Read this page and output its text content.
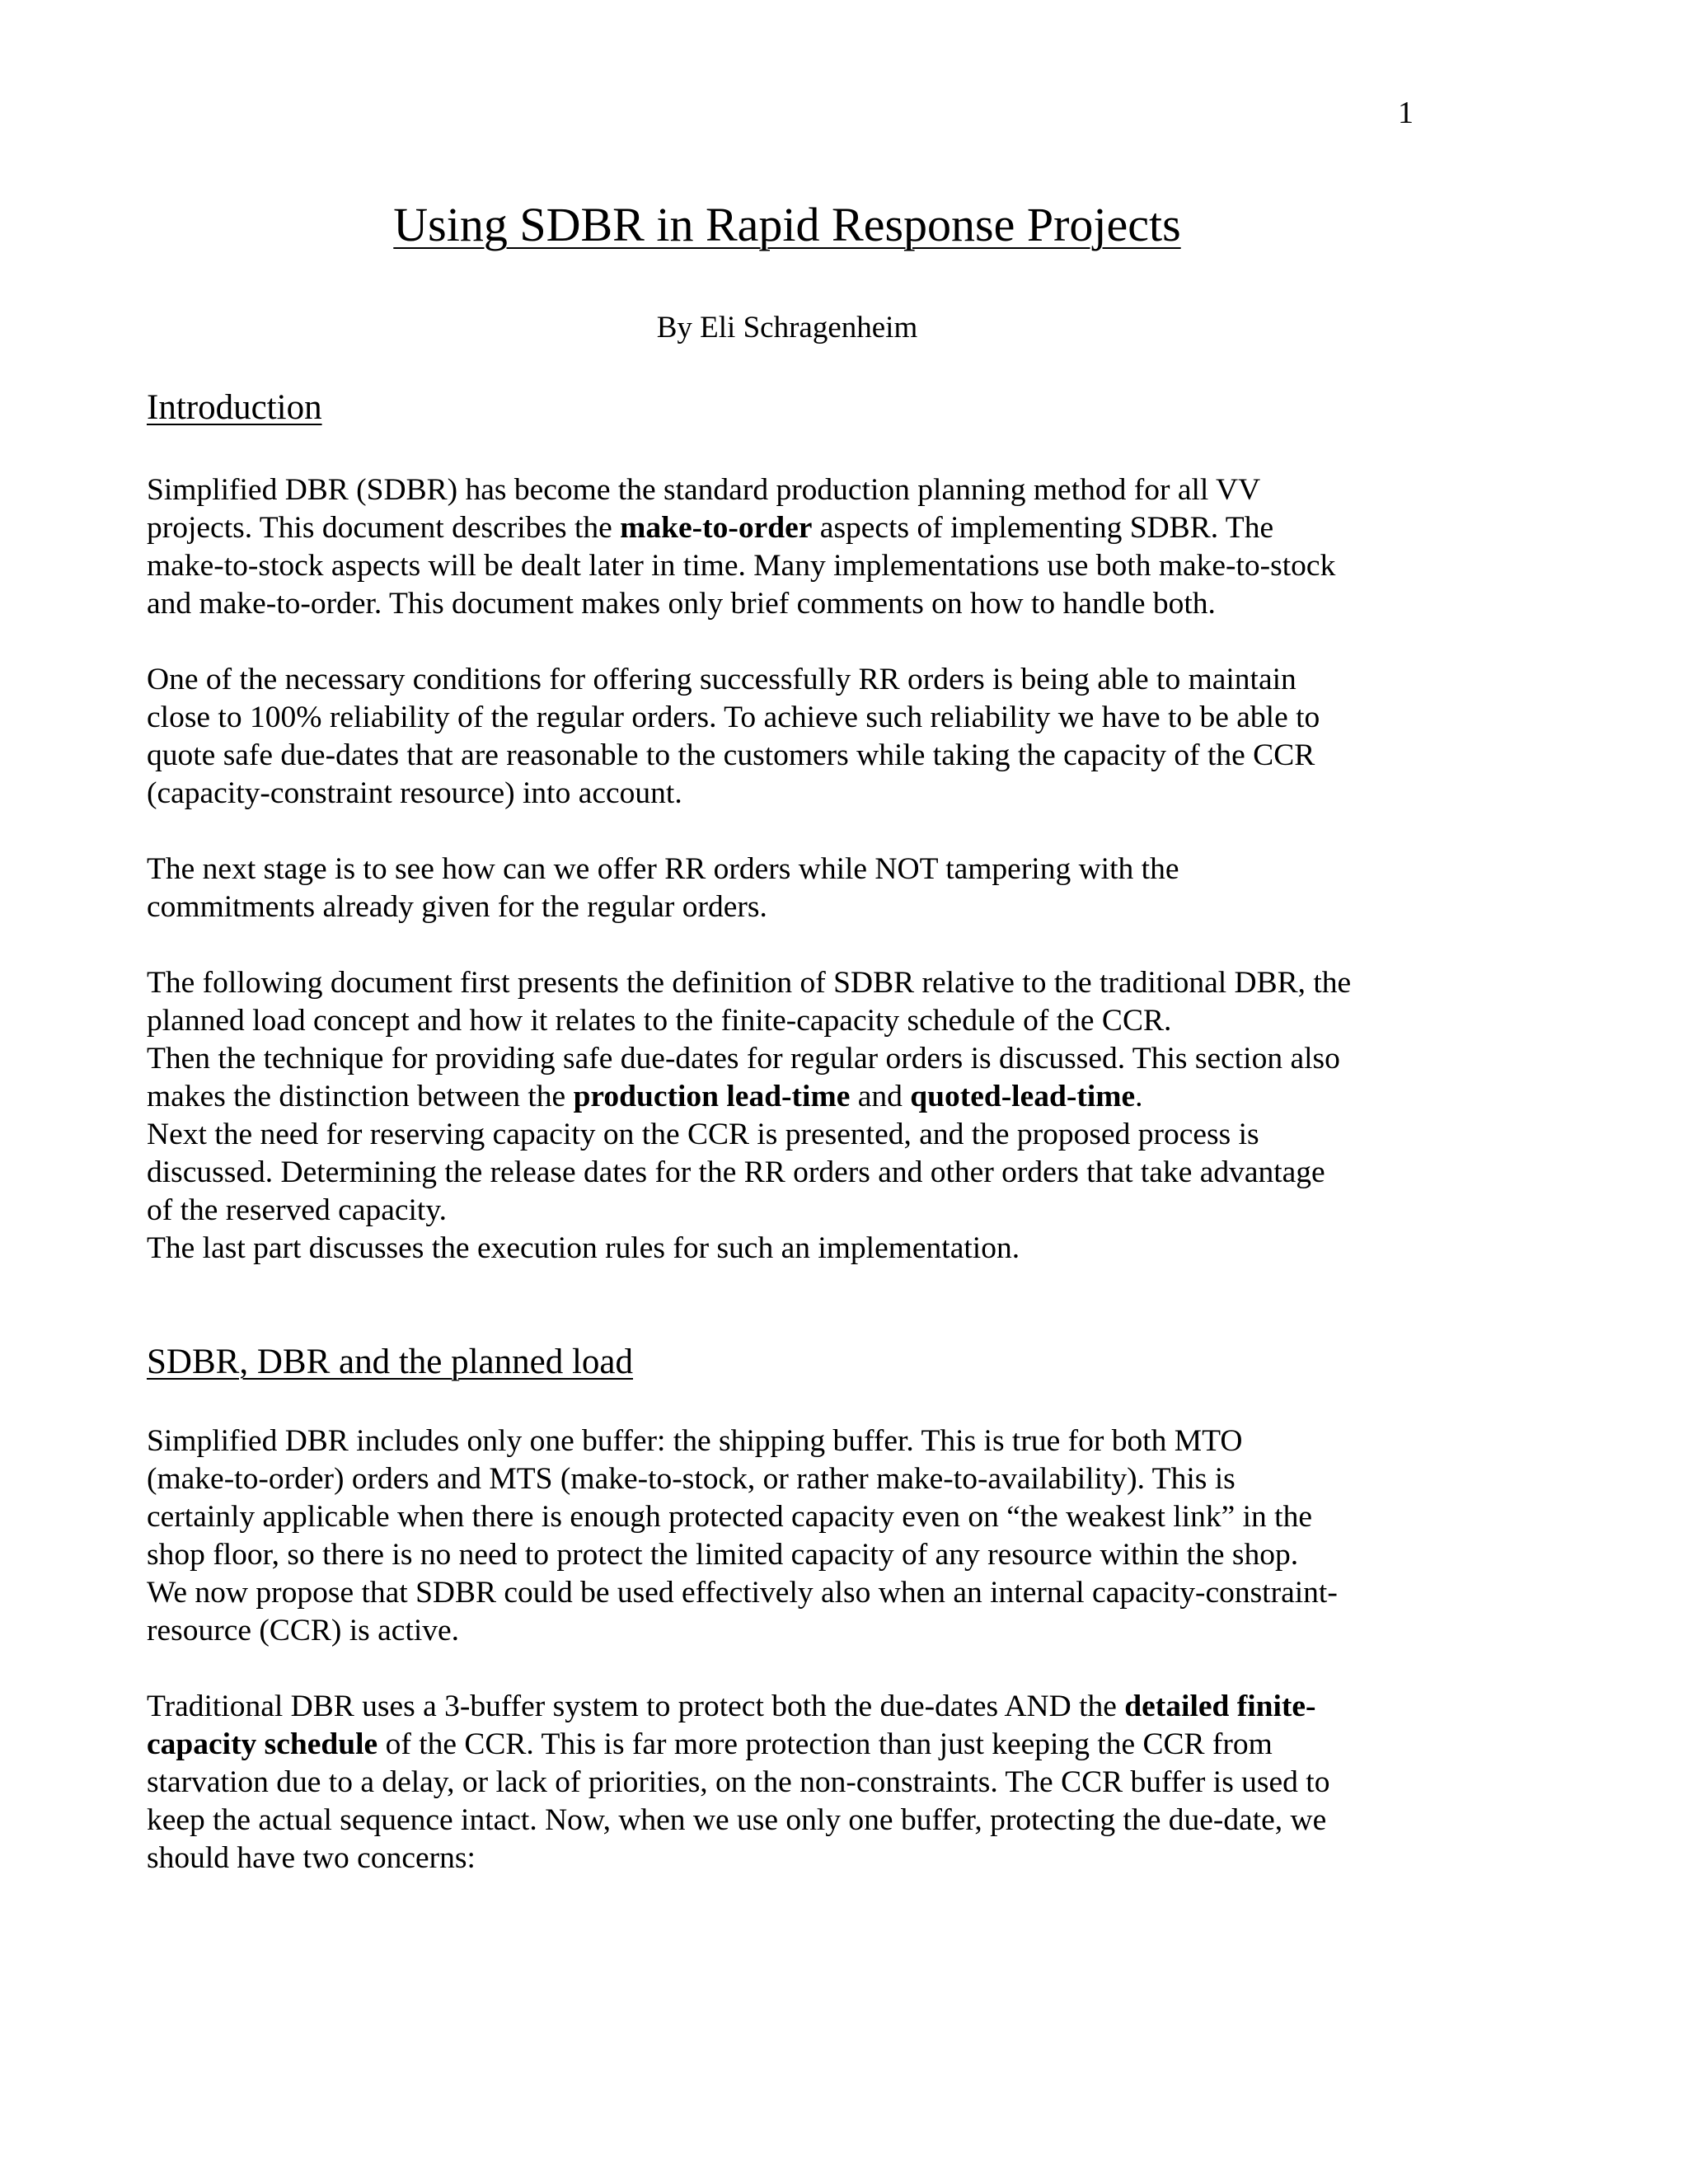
1
Using SDBR in Rapid Response Projects

By Eli Schragenheim

Introduction

Simplified DBR (SDBR) has become the standard production planning method for all VV
projects. This document describes the make-to-order aspects of implementing SDBR. The
make-to-stock aspects will be dealt later in time. Many implementations use both make-to-stock
and make-to-order. This document makes only brief comments on how to handle both.

One of the necessary conditions for offering successfully RR orders is being able to maintain
close to 100% reliability of the regular orders. To achieve such reliability we have to be able to
quote safe due-dates that are reasonable to the customers while taking the capacity of the CCR
(capacity-constraint resource) into account.

The next stage is to see how can we offer RR orders while NOT tampering with the
commitments already given for the regular orders.

The following document first presents the definition of SDBR relative to the traditional DBR, the
planned load concept and how it relates to the finite-capacity schedule of the CCR.
Then the technique for providing safe due-dates for regular orders is discussed. This section also
makes the distinction between the production lead-time and quoted-lead-time.
Next the need for reserving capacity on the CCR is presented, and the proposed process is
discussed. Determining the release dates for the RR orders and other orders that take advantage
of the reserved capacity.
The last part discusses the execution rules for such an implementation.

SDBR, DBR and the planned load

Simplified DBR includes only one buffer: the shipping buffer. This is true for both MTO
(make-to-order) orders and MTS (make-to-stock, or rather make-to-availability). This is
certainly applicable when there is enough protected capacity even on “the weakest link” in the
shop floor, so there is no need to protect the limited capacity of any resource within the shop.
We now propose that SDBR could be used effectively also when an internal capacity-constraint-
resource (CCR) is active.

Traditional DBR uses a 3-buffer system to protect both the due-dates AND the detailed finite-
capacity schedule of the CCR. This is far more protection than just keeping the CCR from
starvation due to a delay, or lack of priorities, on the non-constraints. The CCR buffer is used to
keep the actual sequence intact. Now, when we use only one buffer, protecting the due-date, we
should have two concerns:
